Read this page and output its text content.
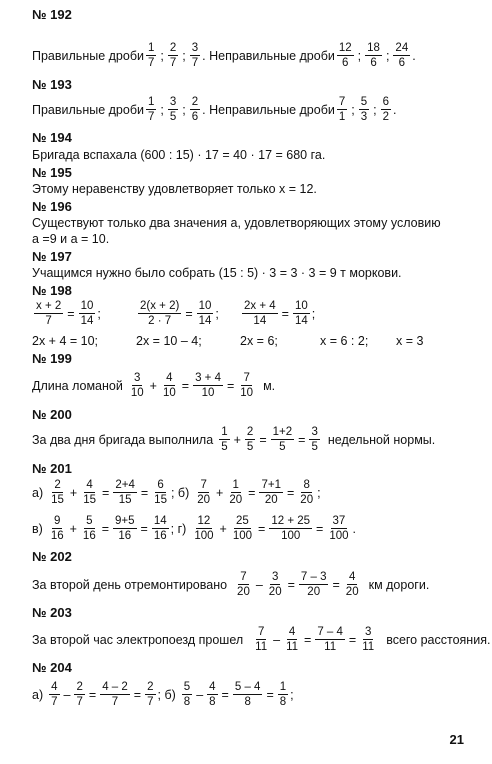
№ 192
Правильные дроби $\frac{1}{7}$ ; $\frac{2}{7}$ ; $\frac{3}{7}$ . Неправильные дроби $\frac{12}{6}$ ; $\frac{18}{6}$ ; $\frac{24}{6}$ .
№ 193
Правильные дроби $\frac{1}{7}$ ; $\frac{3}{5}$ ; $\frac{2}{6}$ . Неправильные дроби $\frac{7}{1}$ ; $\frac{5}{3}$ ; $\frac{6}{2}$ .
№ 194
Бригада вспахала (600 : 15) · 17 = 40 · 17 = 680 га.
№ 195
Этому неравенству удовлетворяет только x = 12.
№ 196
Существуют только два значения a, удовлетворяющих этому условию
a =9 и a = 10.
№ 197
Учащимся нужно было собрать (15 : 5) · 3 = 3 · 3 = 9 т моркови.
№ 198
$\frac{x + 2}{7} = \frac{10}{14}$ ;	$\frac{2(x + 2)}{2 \cdot 7} = \frac{10}{14}$ ; $\frac{2x + 4}{14} = \frac{10}{14}$ ;
2x + 4 = 10;	2x = 10 – 4;	2x = 6;	x = 6 : 2; x = 3
№ 199
Длина ломаной $\frac{3}{10} + \frac{4}{10} = \frac{3 + 4}{10} = \frac{7}{10} м$.
№ 200
За два дня бригада выполнила $\frac{1}{5} + \frac{2}{5} = \frac{1+2}{5} = \frac{3}{5}$ недельной нормы.
№ 201
$а) \frac{2}{15} + \frac{4}{15} = \frac{2+4}{15} = \frac{6}{15}$ ; $б) \frac{7}{20} + \frac{1}{20} = \frac{7+1}{20} = \frac{8}{20}$ ;
$в) \frac{9}{16} + \frac{5}{16} = \frac{9+5}{16} = \frac{14}{16}$ ; $г) \frac{12}{100} + \frac{25}{100} = \frac{12 + 25}{100} = \frac{37}{100}$ .
№ 202
За второй день отремонтировано $\frac{7}{20} - \frac{3}{20} = \frac{7 - 3}{20} = \frac{4}{20}$ км дороги.
№ 203
За второй час электропоезд прошел $\frac{7}{11} - \frac{4}{11} = \frac{7 - 4}{11} = \frac{3}{11}$ всего расстояния.
№ 204
$а) \frac{4}{7} - \frac{2}{7} = \frac{4 - 2}{7} = \frac{2}{7}$ ; $б) \frac{5}{8} - \frac{4}{8} = \frac{5 - 4}{8} = \frac{1}{8}$ ;
21
